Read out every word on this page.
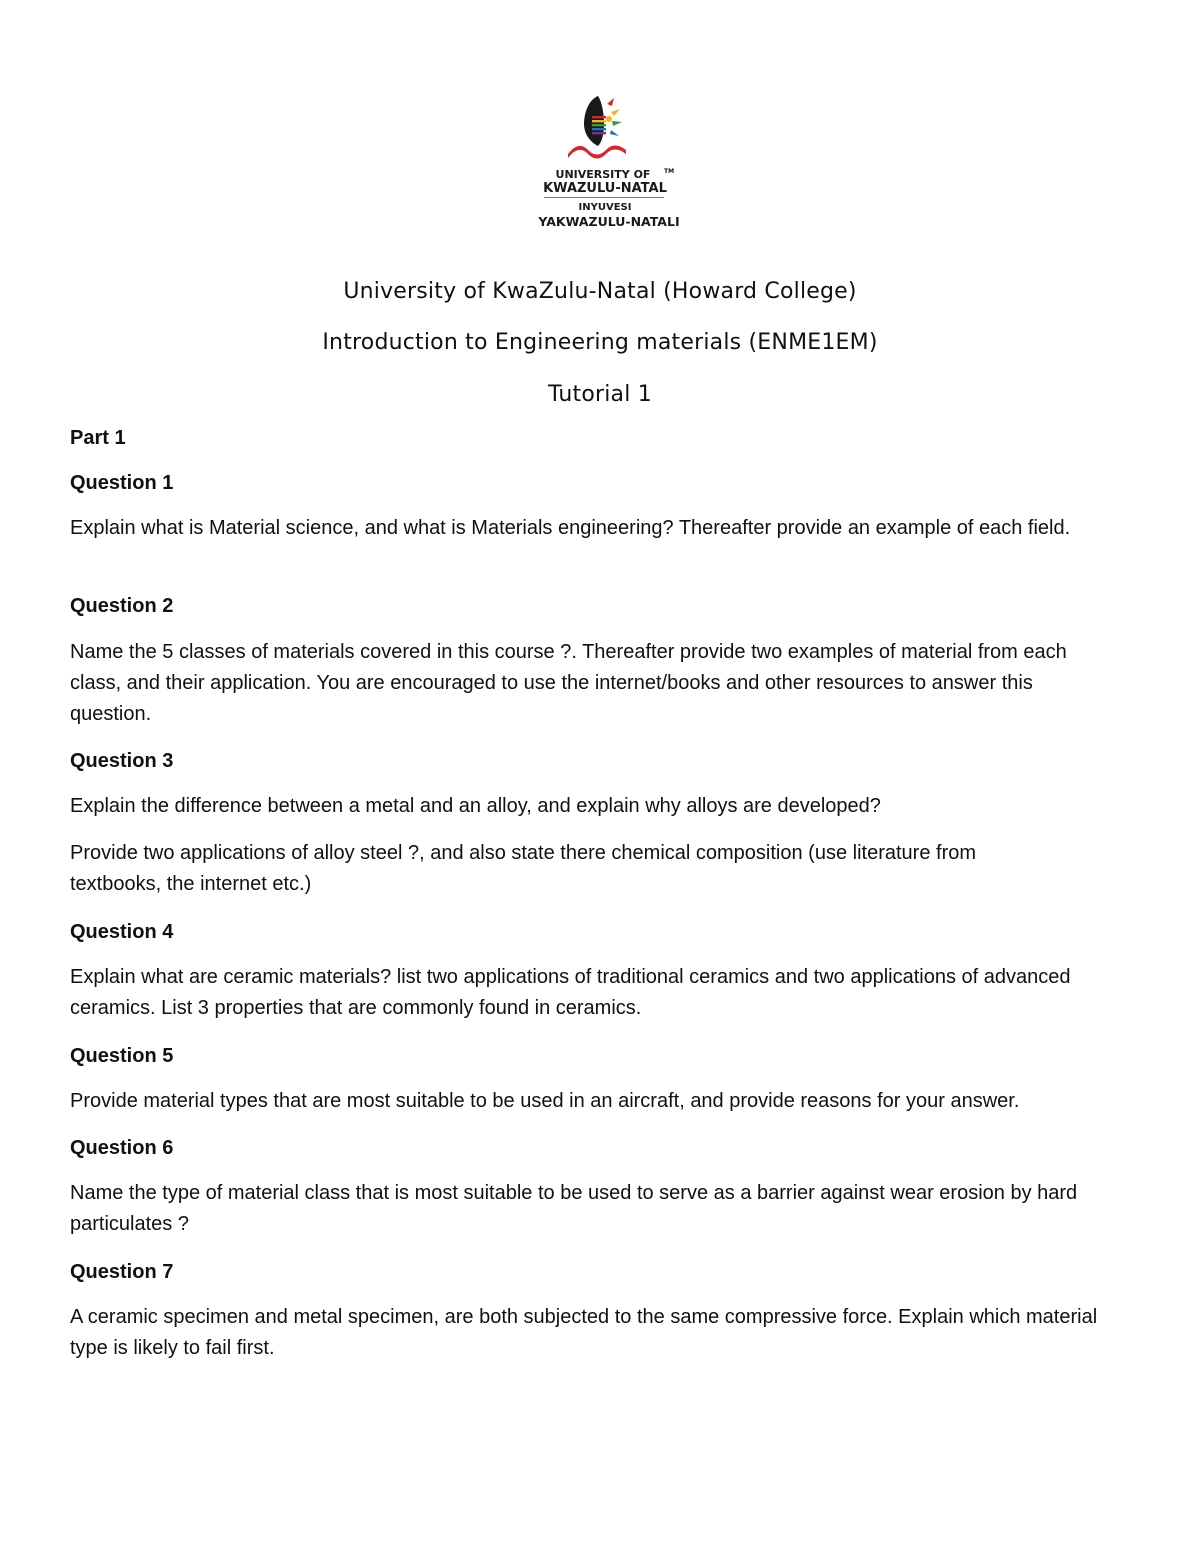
UNIVERSITY OF
KWAZULU-NATAL
TM
INYUVESI
YAKWAZULU-NATALI
University of KwaZulu-Natal (Howard College)
Introduction to Engineering materials (ENME1EM)
Tutorial 1
Part 1
Question 1
Explain what is Material science, and what is Materials engineering? Thereafter provide an example of each field.
Question 2
Name the 5 classes of materials covered in this course ?. Thereafter provide two examples of material from each class, and their application. You are encouraged to use the internet/books and other resources to answer this question.
Question 3
Explain the difference between a metal and an alloy, and explain why alloys are developed?
Provide two applications of alloy steel ?, and also state there chemical composition (use literature from textbooks, the internet etc.)
Question 4
Explain what are ceramic materials? list two applications of traditional ceramics and two applications of advanced ceramics. List 3 properties that are commonly found in ceramics.
Question 5
Provide material types that are most suitable to be used in an aircraft, and provide reasons for your answer.
Question 6
Name the type of material class that is most suitable to be used to serve as a barrier against wear erosion by hard particulates ?
Question 7
A ceramic specimen and metal specimen, are both subjected to the same compressive force. Explain which material type is likely to fail first.
